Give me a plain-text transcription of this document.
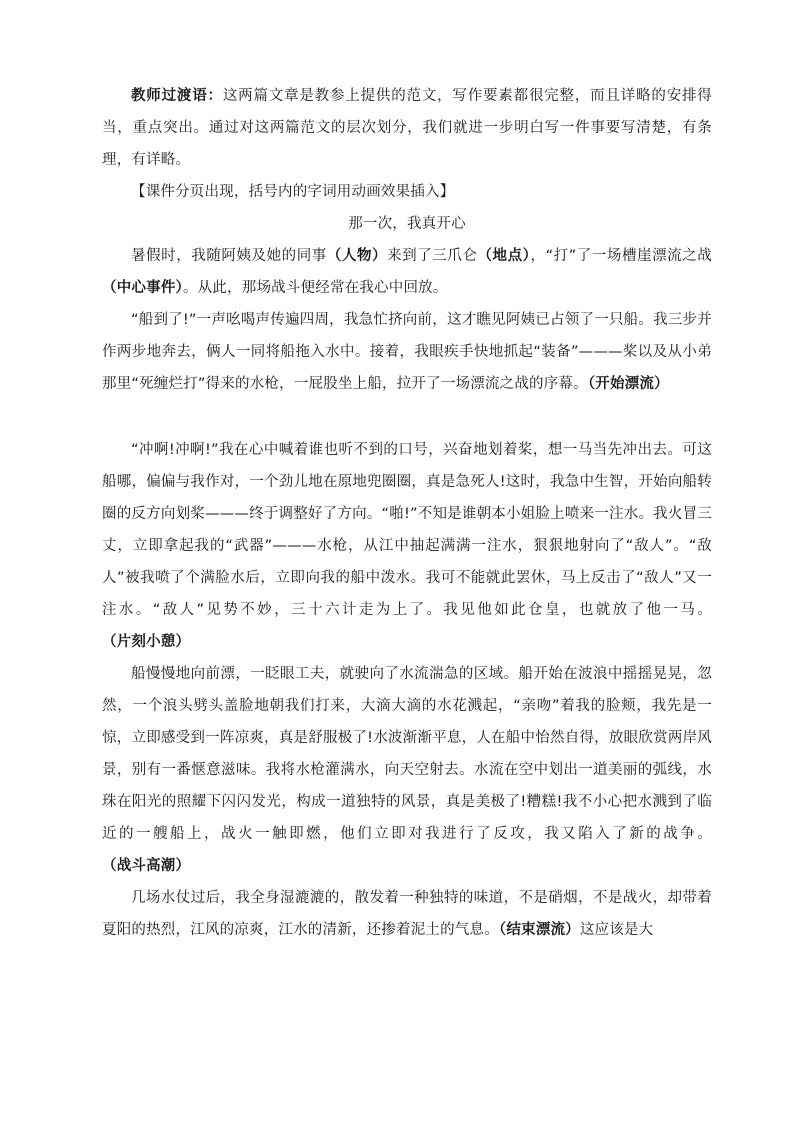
教师过渡语：这两篇文章是教参上提供的范文，写作要素都很完整，而且详略的安排得当，重点突出。通过对这两篇范文的层次划分，我们就进一步明白写一件事要写清楚，有条理，有详略。

【课件分页出现，括号内的字词用动画效果插入】

那一次，我真开心

暑假时，我随阿姨及她的同事（人物）来到了三爪仑（地点），“打”了一场槽崖漂流之战（中心事件）。从此，那场战斗便经常在我心中回放。

“船到了!”一声吆喝声传遍四周，我急忙挤向前，这才瞧见阿姨已占领了一只船。我三步并作两步地奔去，俩人一同将船拖入水中。接着，我眼疾手快地抓起“装备”———桨以及从小弟那里“死缠烂打”得来的水枪，一屁股坐上船，拉开了一场漂流之战的序幕。（开始漂流）

“冲啊!冲啊!”我在心中喊着谁也听不到的口号，兴奋地划着桨，想一马当先冲出去。可这船哪，偏偏与我作对，一个劲儿地在原地兜圈圈，真是急死人!这时，我急中生智，开始向船转圈的反方向划桨———终于调整好了方向。“啪!”不知是谁朝本小姐脸上喷来一注水。我火冒三丈，立即拿起我的“武器”———水枪，从江中抽起满满一注水，狠狠地射向了“敌人”。“敌人”被我喷了个满脸水后，立即向我的船中泼水。我可不能就此罢休，马上反击了“敌人”又一注水。“敌人”见势不妙，三十六计走为上了。我见他如此仓皇，也就放了他一马。（片刻小憩）

船慢慢地向前漂，一眨眼工夫，就驶向了水流湍急的区域。船开始在波浪中摇摇晃晃，忽然，一个浪头劈头盖脸地朝我们打来，大滴大滴的水花溅起，“亲吻”着我的脸颊，我先是一惊，立即感受到一阵凉爽，真是舒服极了!水波渐渐平息，人在船中怡然自得，放眼欣赏两岸风景，别有一番惬意滋味。我将水枪灌满水，向天空射去。水流在空中划出一道美丽的弧线，水珠在阳光的照耀下闪闪发光，构成一道独特的风景，真是美极了!糟糕!我不小心把水溅到了临近的一艘船上，战火一触即燃，他们立即对我进行了反攻，我又陷入了新的战争。（战斗高潮）

几场水仗过后，我全身湿漉漉的，散发着一种独特的味道，不是硝烟，不是战火，却带着夏阳的热烈，江风的凉爽，江水的清新，还掺着泥土的气息。（结束漂流）这应该是大
